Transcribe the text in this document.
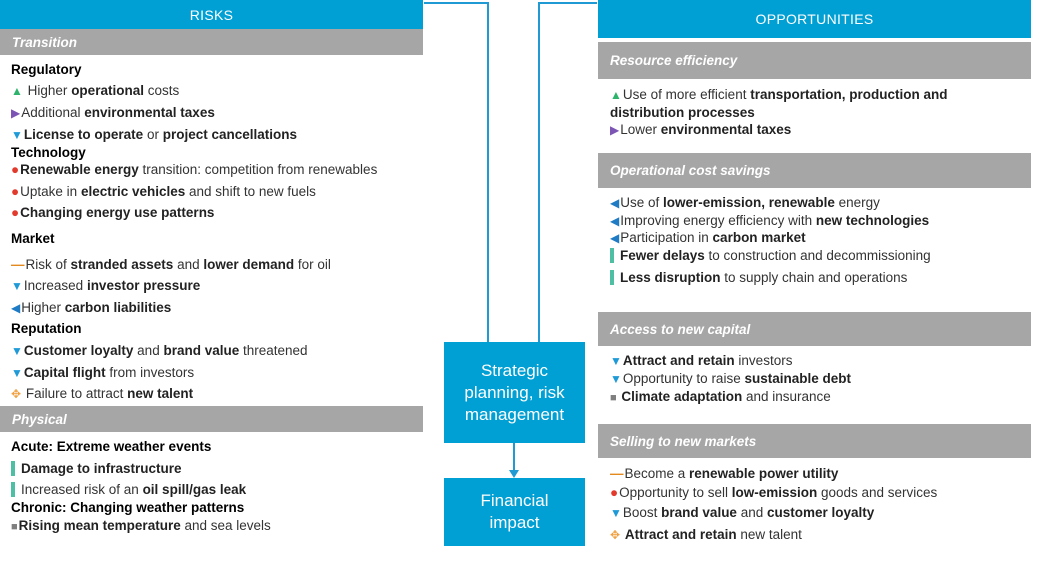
RISKS
Transition
Regulatory
▲ Higher operational costs
▶Additional environmental taxes
▼License to operate or project cancellations
Technology
●Renewable energy transition: competition from renewables
●Uptake in electric vehicles and shift to new fuels
●Changing energy use patterns
Market
—Risk of stranded assets and lower demand for oil
▼Increased investor pressure
◀Higher carbon liabilities
Reputation
▼Customer loyalty and brand value threatened
▼Capital flight from investors
✥ Failure to attract new talent
Physical
Acute: Extreme weather events
Damage to infrastructure
Increased risk of an oil spill/gas leak
Chronic: Changing weather patterns
■Rising mean temperature and sea levels
Strategic planning, risk management
Financial impact
OPPORTUNITIES
Resource efficiency
▲Use of more efficient transportation, production and
distribution processes
▶Lower environmental taxes
Operational cost savings
◀Use of lower-emission, renewable energy
◀Improving energy efficiency with new technologies
◀Participation in carbon market
Fewer delays to construction and decommissioning
Less disruption to supply chain and operations
Access to new capital
▼Attract and retain investors
▼Opportunity to raise sustainable debt
■ Climate adaptation and insurance
Selling to new markets
—Become a renewable power utility
●Opportunity to sell low-emission goods and services
▼Boost brand value and customer loyalty
✥ Attract and retain new talent
